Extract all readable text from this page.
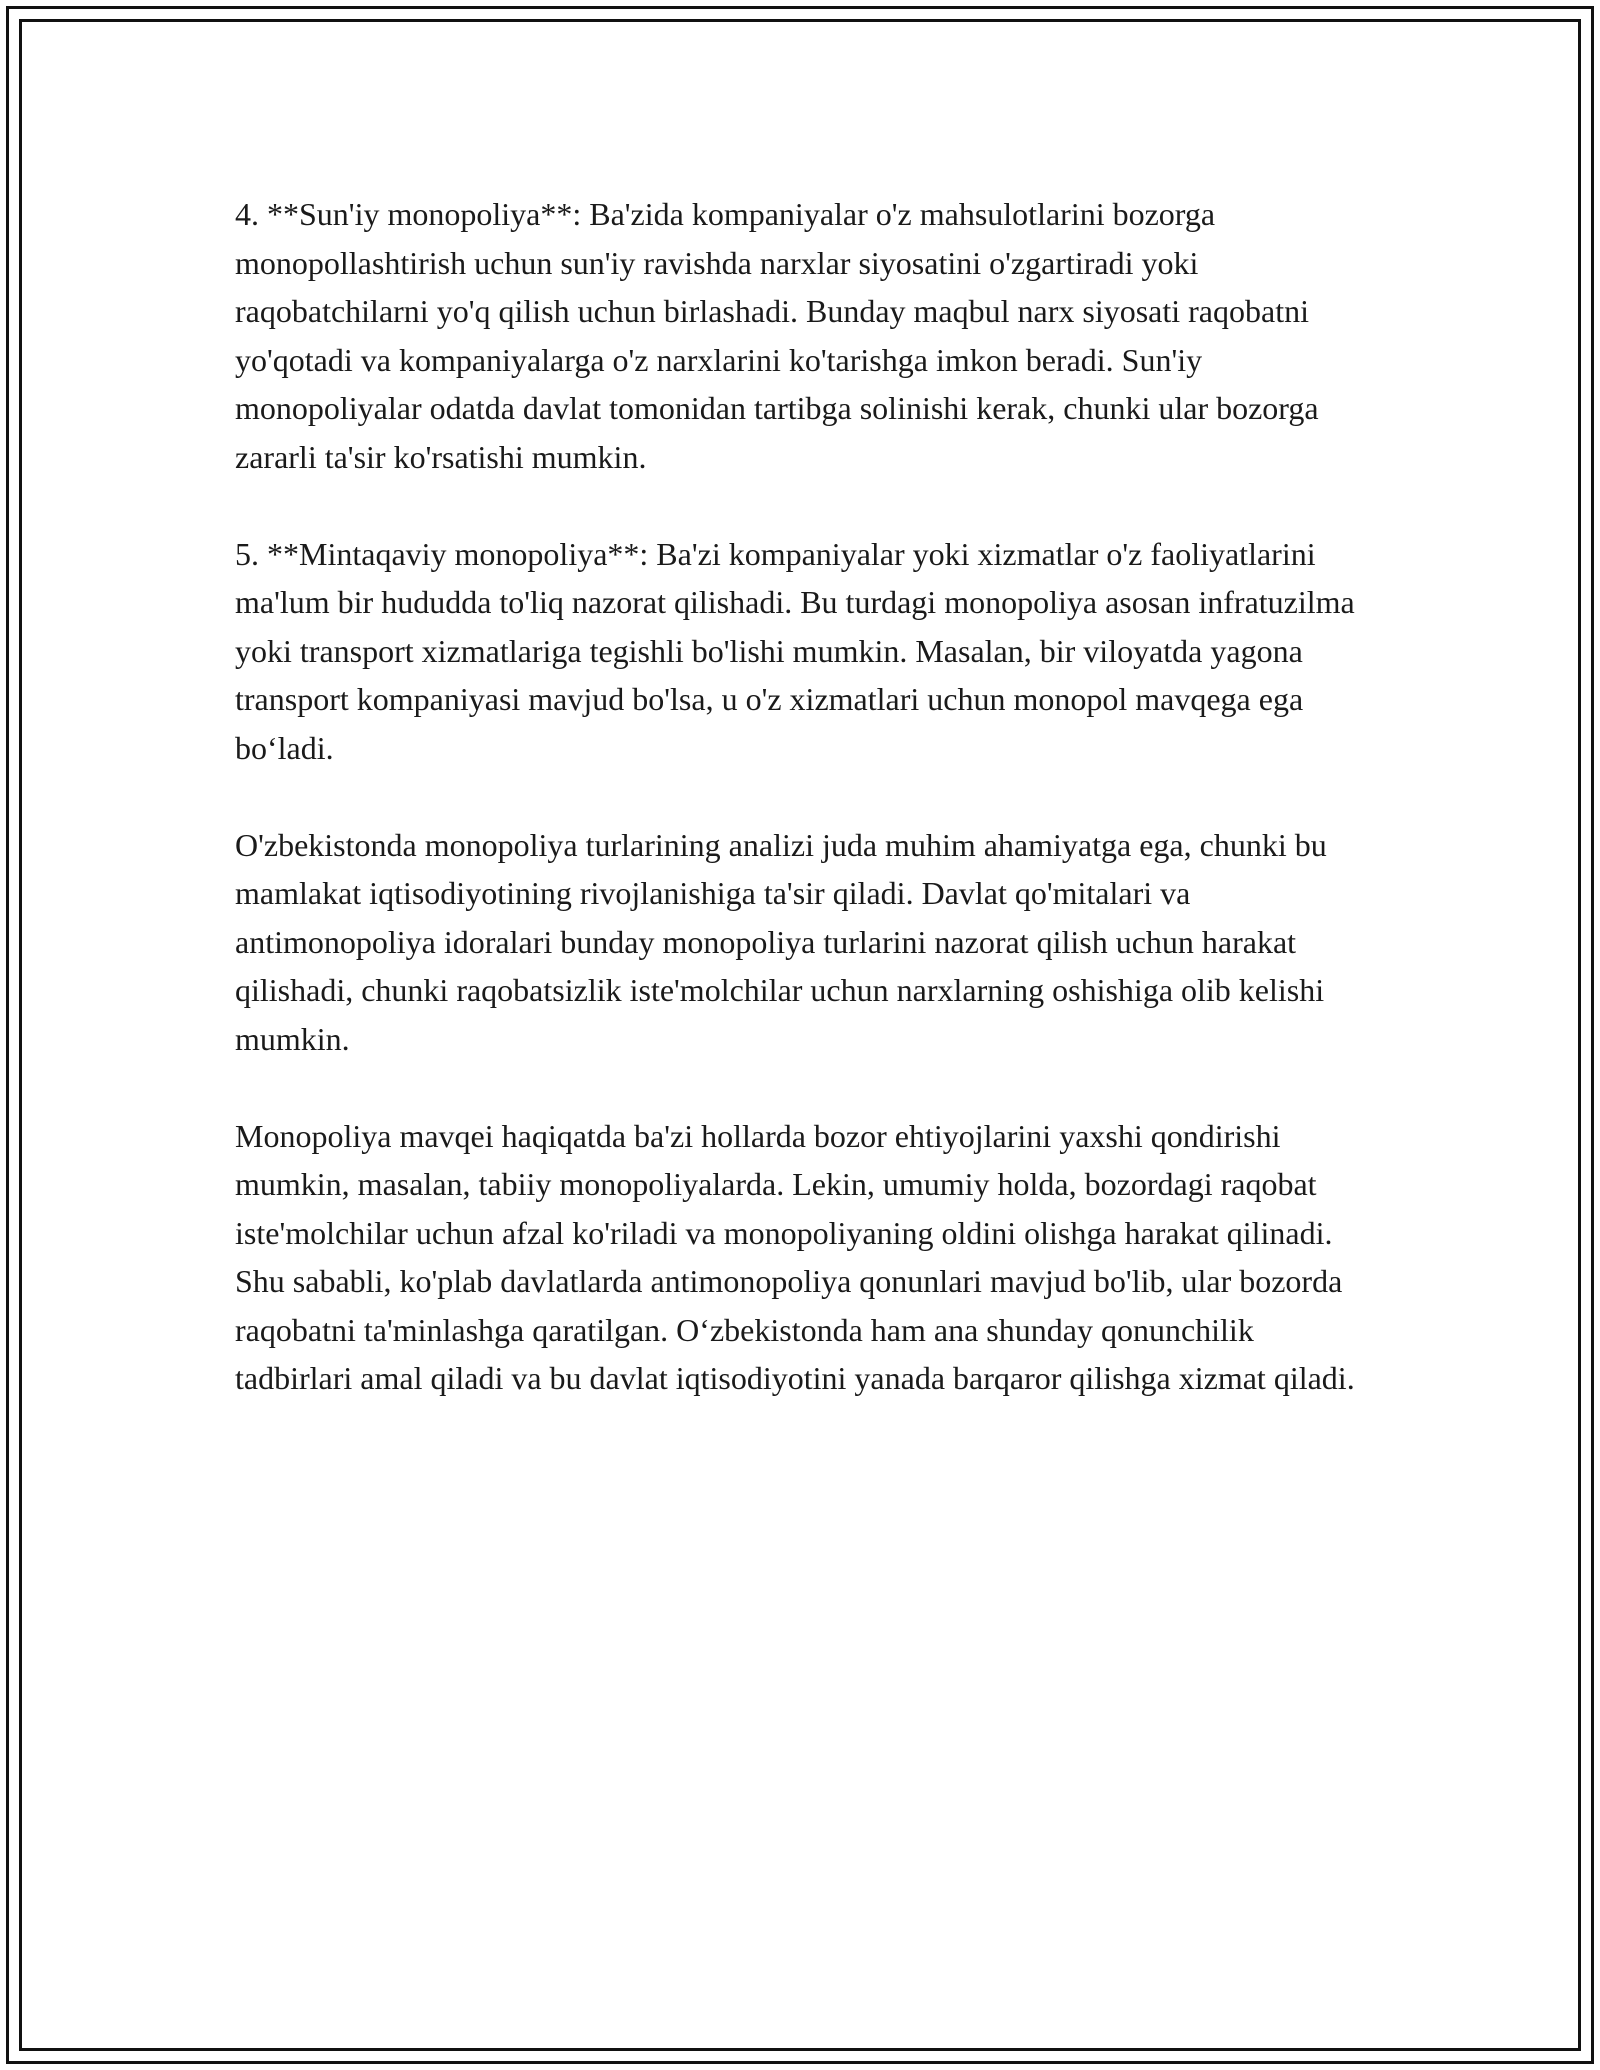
4. **Sun'iy monopoliya**: Ba'zida kompaniyalar o'z mahsulotlarini bozorga monopollashtirish uchun sun'iy ravishda narxlar siyosatini o'zgartiradi yoki raqobatchilarni yo'q qilish uchun birlashadi. Bunday maqbul narx siyosati raqobatni yo'qotadi va kompaniyalarga o'z narxlarini ko'tarishga imkon beradi. Sun'iy monopoliyalar odatda davlat tomonidan tartibga solinishi kerak, chunki ular bozorga zararli ta'sir ko'rsatishi mumkin.

5. **Mintaqaviy monopoliya**: Ba'zi kompaniyalar yoki xizmatlar o'z faoliyatlarini ma'lum bir hududda to'liq nazorat qilishadi. Bu turdagi monopoliya asosan infratuzilma yoki transport xizmatlariga tegishli bo'lishi mumkin. Masalan, bir viloyatda yagona transport kompaniyasi mavjud bo'lsa, u o'z xizmatlari uchun monopol mavqega ega bo‘ladi.

O'zbekistonda monopoliya turlarining analizi juda muhim ahamiyatga ega, chunki bu mamlakat iqtisodiyotining rivojlanishiga ta'sir qiladi. Davlat qo'mitalari va antimonopoliya idoralari bunday monopoliya turlarini nazorat qilish uchun harakat qilishadi, chunki raqobatsizlik iste'molchilar uchun narxlarning oshishiga olib kelishi mumkin.

Monopoliya mavqei haqiqatda ba'zi hollarda bozor ehtiyojlarini yaxshi qondirishi mumkin, masalan, tabiiy monopoliyalarda. Lekin, umumiy holda, bozordagi raqobat iste'molchilar uchun afzal ko'riladi va monopoliyaning oldini olishga harakat qilinadi. Shu sababli, ko'plab davlatlarda antimonopoliya qonunlari mavjud bo'lib, ular bozorda raqobatni ta'minlashga qaratilgan. O‘zbekistonda ham ana shunday qonunchilik tadbirlari amal qiladi va bu davlat iqtisodiyotini yanada barqaror qilishga xizmat qiladi.
